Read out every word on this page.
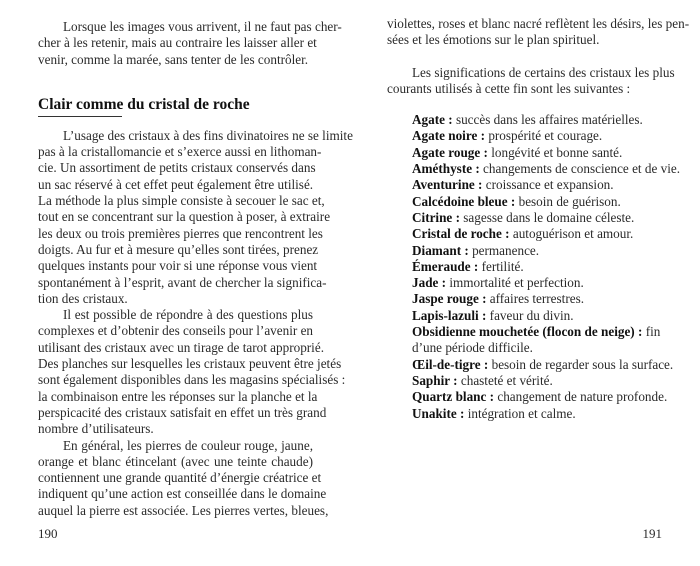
Lorsque les images vous arrivent, il ne faut pas cher-
cher à les retenir, mais au contraire les laisser aller et
venir, comme la marée, sans tenter de les contrôler.
Clair comme du cristal de roche
L’usage des cristaux à des fins divinatoires ne se limite
pas à la cristallomancie et s’exerce aussi en lithoman-
cie. Un assortiment de petits cristaux conservés dans
un sac réservé à cet effet peut également être utilisé.
La méthode la plus simple consiste à secouer le sac et,
tout en se concentrant sur la question à poser, à extraire
les deux ou trois premières pierres que rencontrent les
doigts. Au fur et à mesure qu’elles sont tirées, prenez
quelques instants pour voir si une réponse vous vient
spontanément à l’esprit, avant de chercher la significa-
tion des cristaux.
Il est possible de répondre à des questions plus
complexes et d’obtenir des conseils pour l’avenir en
utilisant des cristaux avec un tirage de tarot approprié.
Des planches sur lesquelles les cristaux peuvent être jetés
sont également disponibles dans les magasins spécialisés :
la combinaison entre les réponses sur la planche et la
perspicacité des cristaux satisfait en effet un très grand
nombre d’utilisateurs.
En général, les pierres de couleur rouge, jaune,
orange et blanc étincelant (avec une teinte chaude)
contiennent une grande quantité d’énergie créatrice et
indiquent qu’une action est conseillée dans le domaine
auquel la pierre est associée. Les pierres vertes, bleues,
190
violettes, roses et blanc nacré reflètent les désirs, les pen-
sées et les émotions sur le plan spirituel.
Les significations de certains des cristaux les plus
courants utilisés à cette fin sont les suivantes :
Agate : succès dans les affaires matérielles.
Agate noire : prospérité et courage.
Agate rouge : longévité et bonne santé.
Améthyste : changements de conscience et de vie.
Aventurine : croissance et expansion.
Calcédoine bleue : besoin de guérison.
Citrine : sagesse dans le domaine céleste.
Cristal de roche : autoguérison et amour.
Diamant : permanence.
Émeraude : fertilité.
Jade : immortalité et perfection.
Jaspe rouge : affaires terrestres.
Lapis-lazuli : faveur du divin.
Obsidienne mouchetée (flocon de neige) : fin d’une période difficile.
Œil-de-tigre : besoin de regarder sous la surface.
Saphir : chasteté et vérité.
Quartz blanc : changement de nature profonde.
Unakite : intégration et calme.
191
